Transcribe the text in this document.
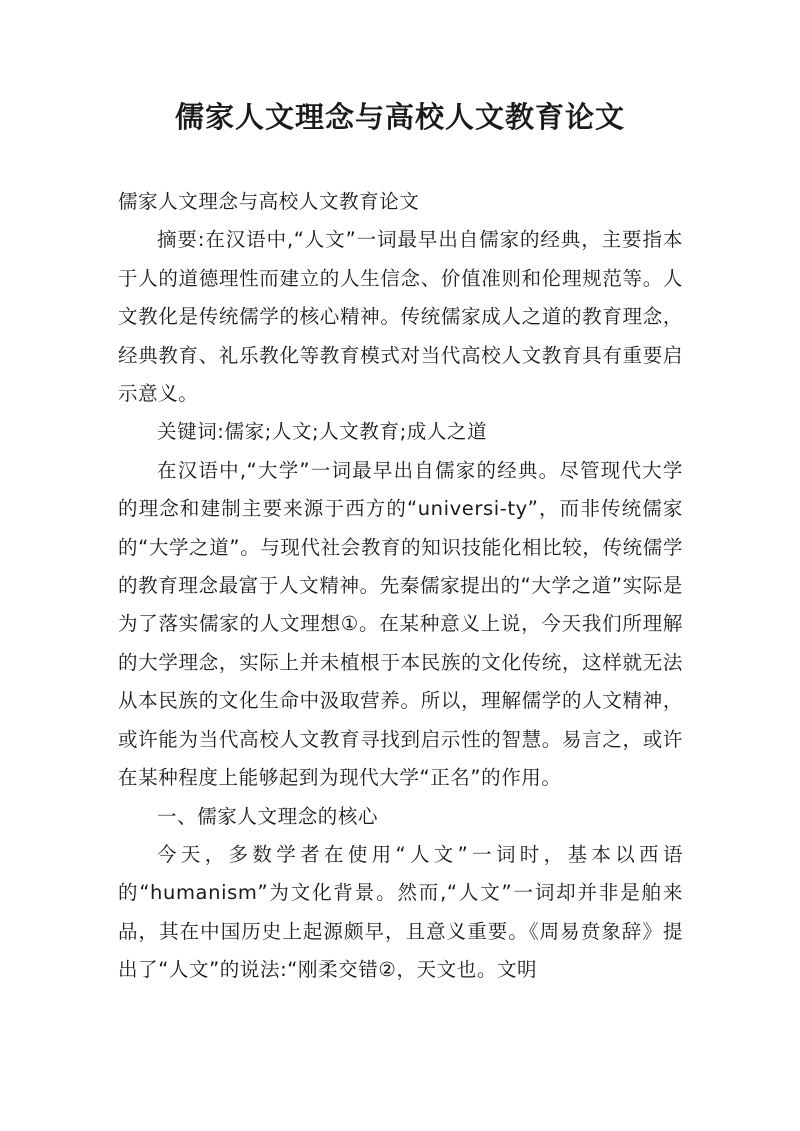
儒家人文理念与高校人文教育论文

儒家人文理念与高校人文教育论文

摘要:在汉语中,“人文”一词最早出自儒家的经典，主要指本于人的道德理性而建立的人生信念、价值准则和伦理规范等。人文教化是传统儒学的核心精神。传统儒家成人之道的教育理念，经典教育、礼乐教化等教育模式对当代高校人文教育具有重要启示意义。

关键词:儒家;人文;人文教育;成人之道

在汉语中,“大学”一词最早出自儒家的经典。尽管现代大学的理念和建制主要来源于西方的“universi-ty”，而非传统儒家的“大学之道”。与现代社会教育的知识技能化相比较，传统儒学的教育理念最富于人文精神。先秦儒家提出的“大学之道”实际是为了落实儒家的人文理想①。在某种意义上说，今天我们所理解的大学理念，实际上并未植根于本民族的文化传统，这样就无法从本民族的文化生命中汲取营养。所以，理解儒学的人文精神，或许能为当代高校人文教育寻找到启示性的智慧。易言之，或许在某种程度上能够起到为现代大学“正名”的作用。

一、儒家人文理念的核心

今天，多数学者在使用“人文”一词时，基本以西语的“humanism”为文化背景。然而,“人文”一词却并非是舶来品，其在中国历史上起源颇早，且意义重要。《周易贲象辞》提出了“人文”的说法:“刚柔交错②，天文也。文明
